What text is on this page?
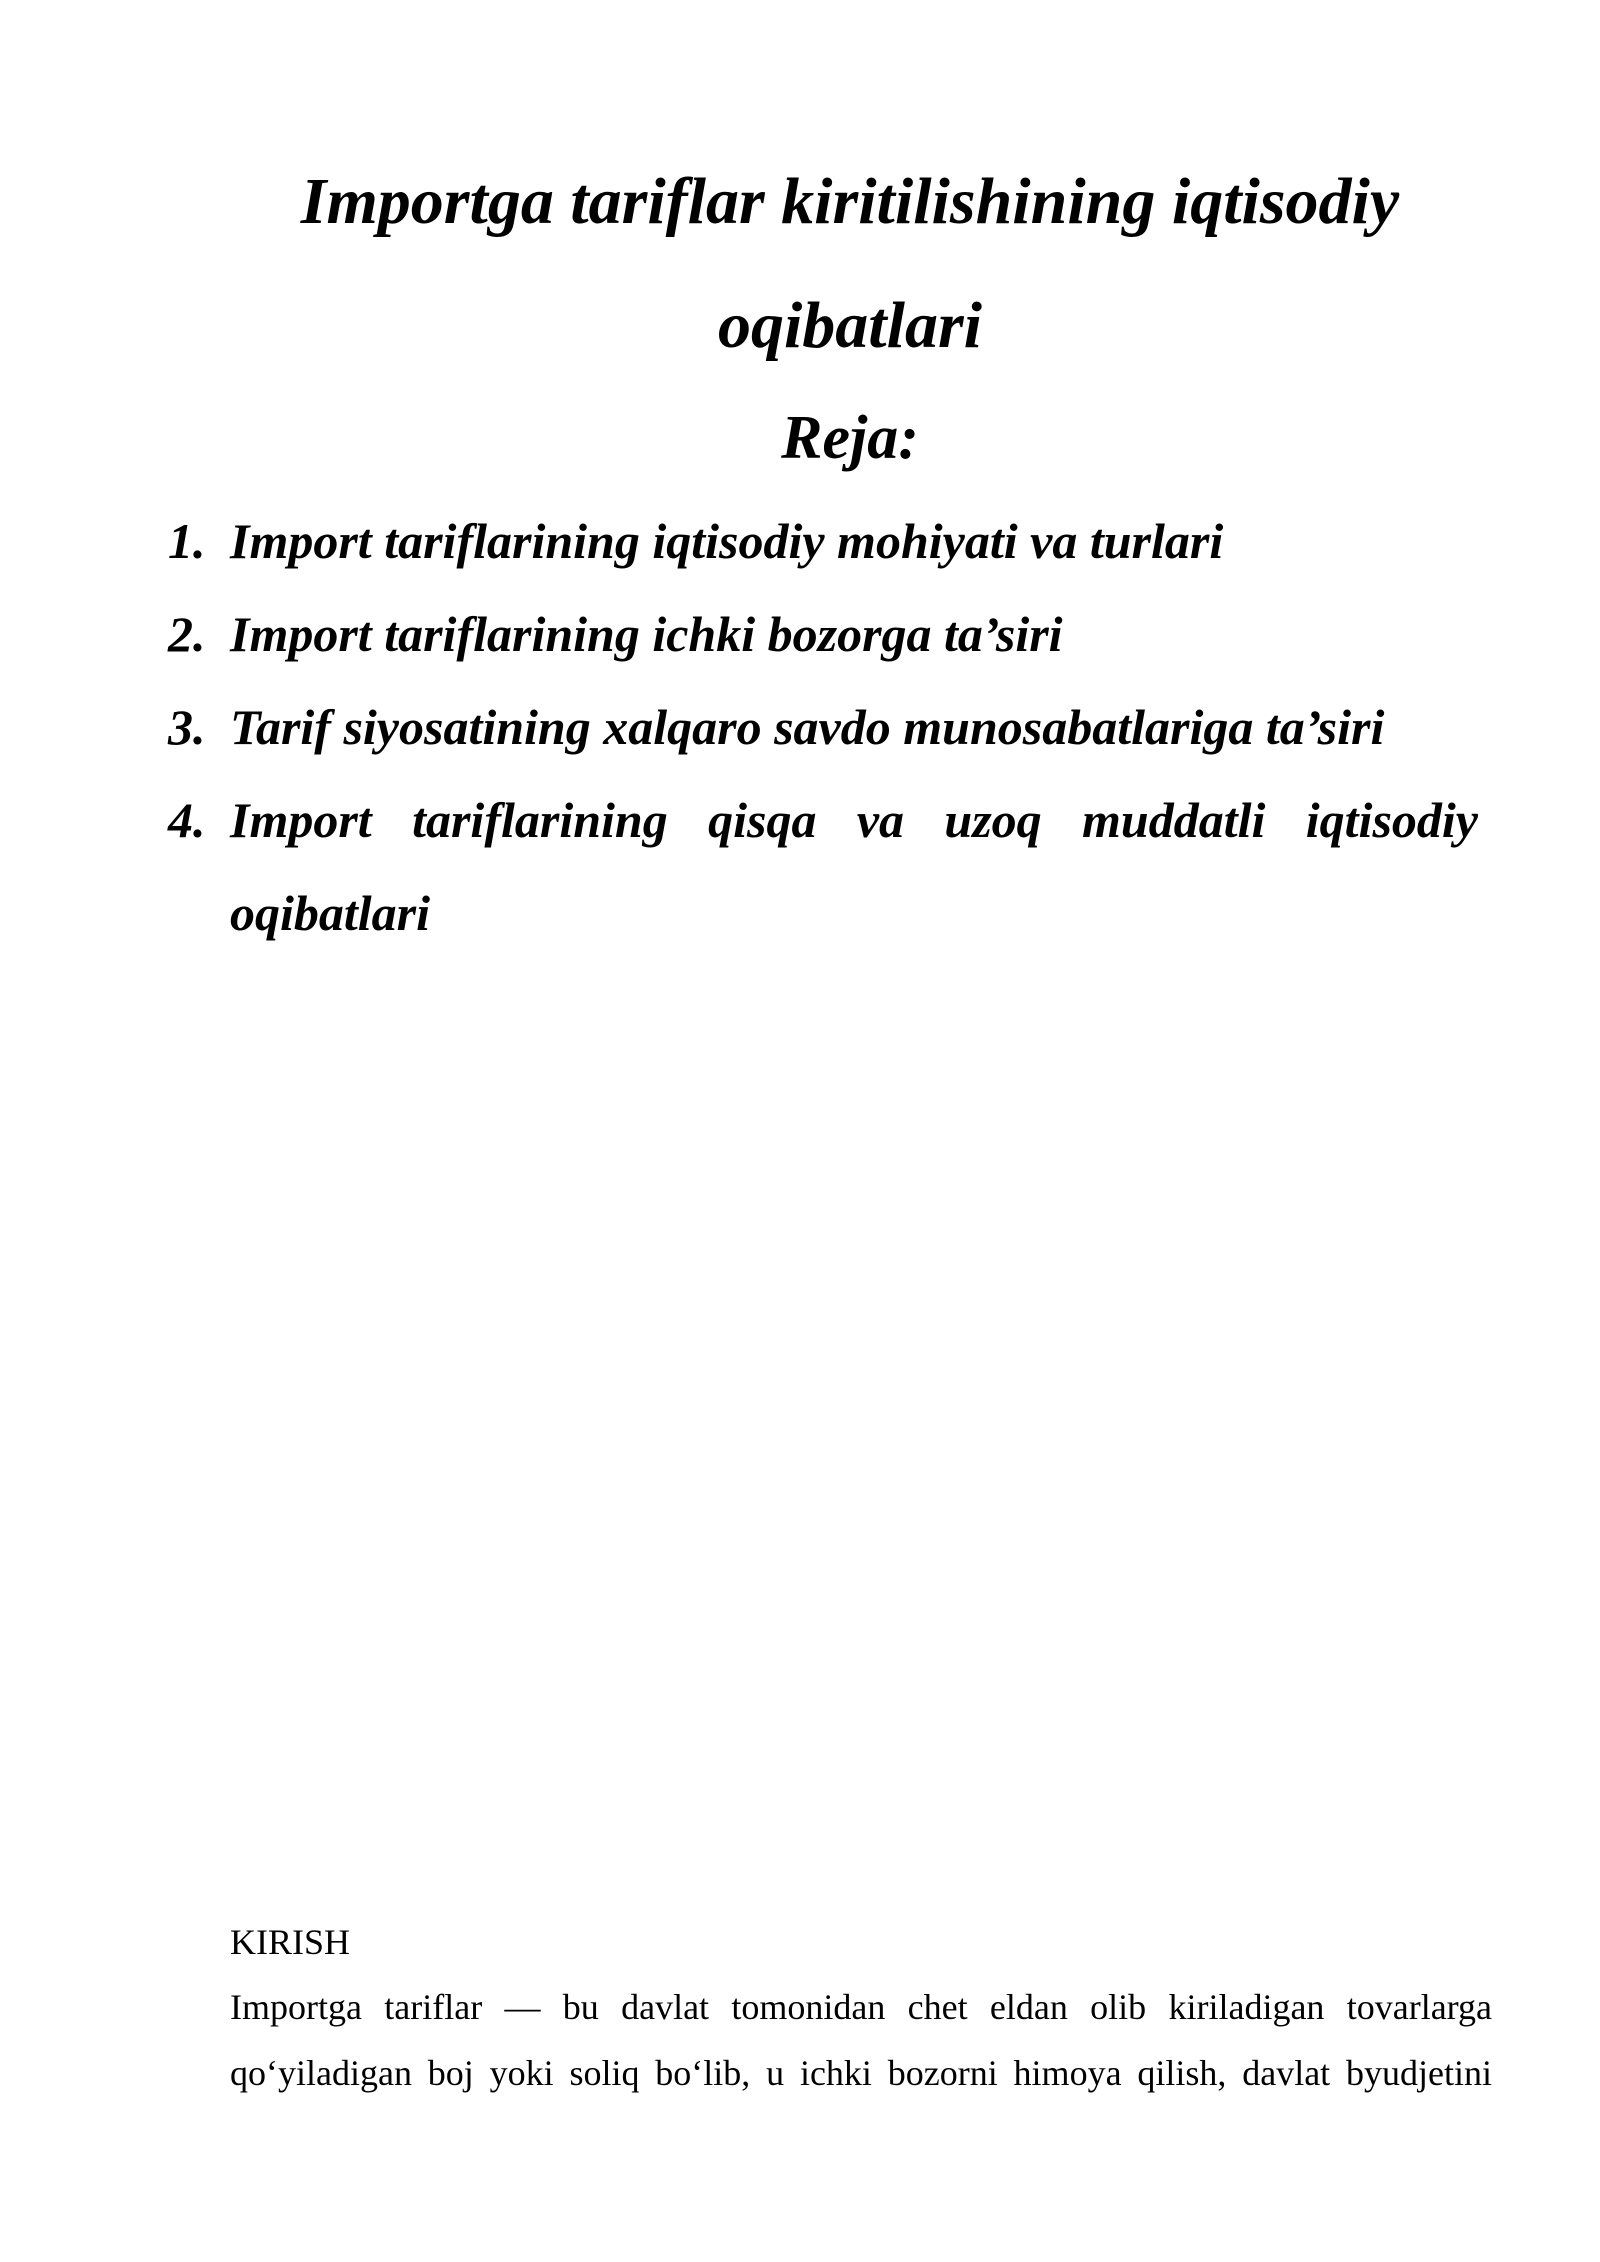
Importga tariflar kiritilishining iqtisodiy oqibatlari
Reja:
1. Import tariflarining iqtisodiy mohiyati va turlari
2. Import tariflarining ichki bozorga ta’siri
3. Tarif siyosatining xalqaro savdo munosabatlariga ta’siri
4. Import tariflarining qisqa va uzoq muddatli iqtisodiy oqibatlari

KIRISH

Importga tariflar — bu davlat tomonidan chet eldan olib kiriladigan tovarlarga qo‘yiladigan boj yoki soliq bo‘lib, u ichki bozorni himoya qilish, davlat byudjetini
